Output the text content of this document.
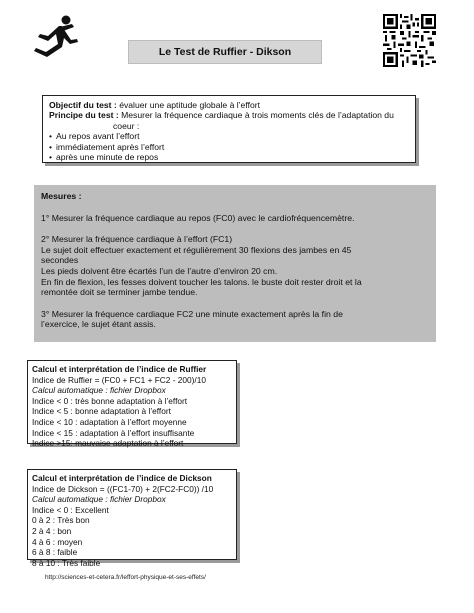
Le Test de Ruffier - Dikson
Objectif du test : évaluer une aptitude globale à l’effort
Principe du test : Mesurer la fréquence cardiaque à trois moments clés de l’adaptation du
coeur :
• Au repos avant l’effort
• immédiatement après l’effort
• après une minute de repos
Mesures :

1° Mesurer la fréquence cardiaque au repos (FC0) avec le cardiofréquencemètre.

2° Mesurer la fréquence cardiaque à l’effort (FC1)
Le sujet doit effectuer exactement et régulièrement 30 flexions des jambes en 45
secondes
Les pieds doivent être écartés l’un de l’autre d’environ 20 cm.
En fin de flexion, les fesses doivent toucher les talons. le buste doit rester droit et la
remontée doit se terminer jambe tendue.

3° Mesurer la fréquence cardiaque FC2 une minute exactement après la fin de
l’exercice, le sujet étant assis.

Calcul et interprétation de l’indice de Ruffier
Indice de Ruffier = (FC0 + FC1 + FC2 - 200)/10
Calcul automatique : fichier Dropbox
Indice < 0 : très bonne adaptation à l’effort
Indice < 5 : bonne adaptation à l’effort
Indice < 10 : adaptation à l’effort moyenne
Indice < 15 : adaptation à l’effort insuffisante
Indice >15: mauvaise adaptation à l’effort
Calcul et interprétation de l’indice de Dickson
Indice de Dickson = ((FC1-70) + 2(FC2-FC0)) /10
Calcul automatique : fichier Dropbox
Indice < 0 : Excellent
0 à 2 : Très bon
2 à 4 : bon
4 à 6 : moyen
6 à 8 : faible
8 à 10 : Très faible
http://sciences-et-cetera.fr/leffort-physique-et-ses-effets/
